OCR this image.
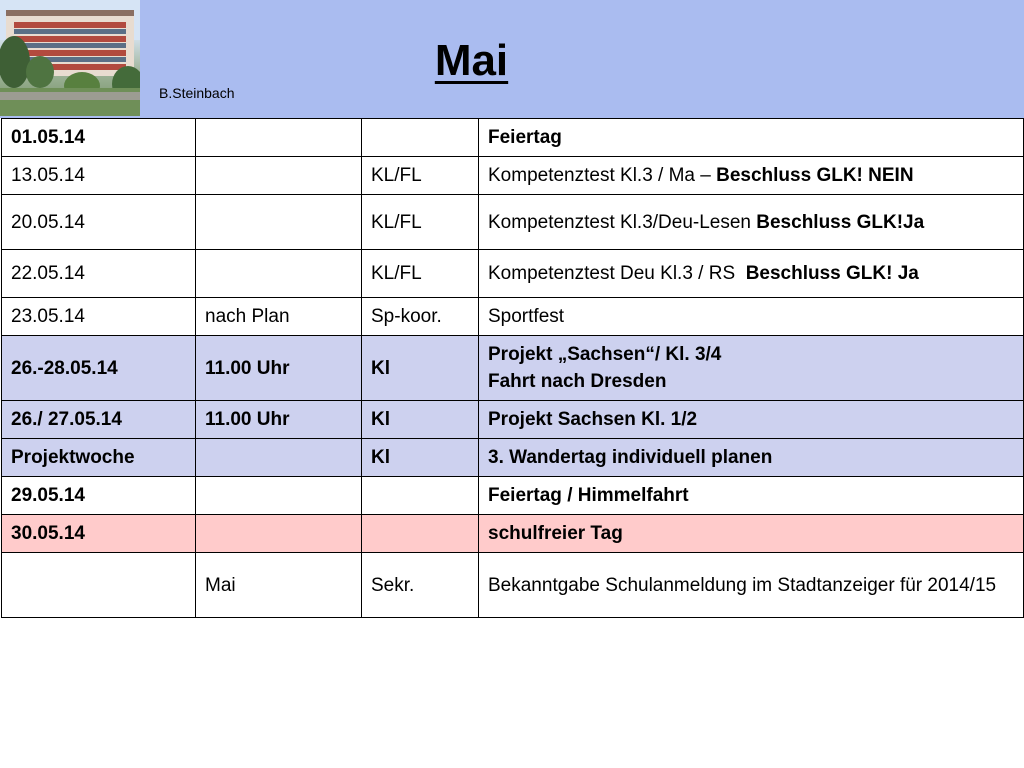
B.Steinbach
Mai
01.05.14			Feiertag
13.05.14		KL/FL	Kompetenztest Kl.3 / Ma – Beschluss GLK! NEIN
20.05.14		KL/FL	Kompetenztest Kl.3/Deu-Lesen Beschluss GLK!Ja
22.05.14		KL/FL	Kompetenztest Deu Kl.3 / RS  Beschluss GLK! Ja
23.05.14	nach Plan	Sp-koor.	Sportfest
26.-28.05.14	11.00 Uhr	Kl	Projekt „Sachsen“/ Kl. 3/4
Fahrt nach Dresden

26./ 27.05.14	11.00 Uhr	Kl	Projekt Sachsen Kl. 1/2
Projektwoche		Kl	3. Wandertag individuell planen
29.05.14			Feiertag / Himmelfahrt
30.05.14			schulfreier Tag
	Mai	Sekr.	Bekanntgabe Schulanmeldung im Stadtanzeiger für 2014/15
